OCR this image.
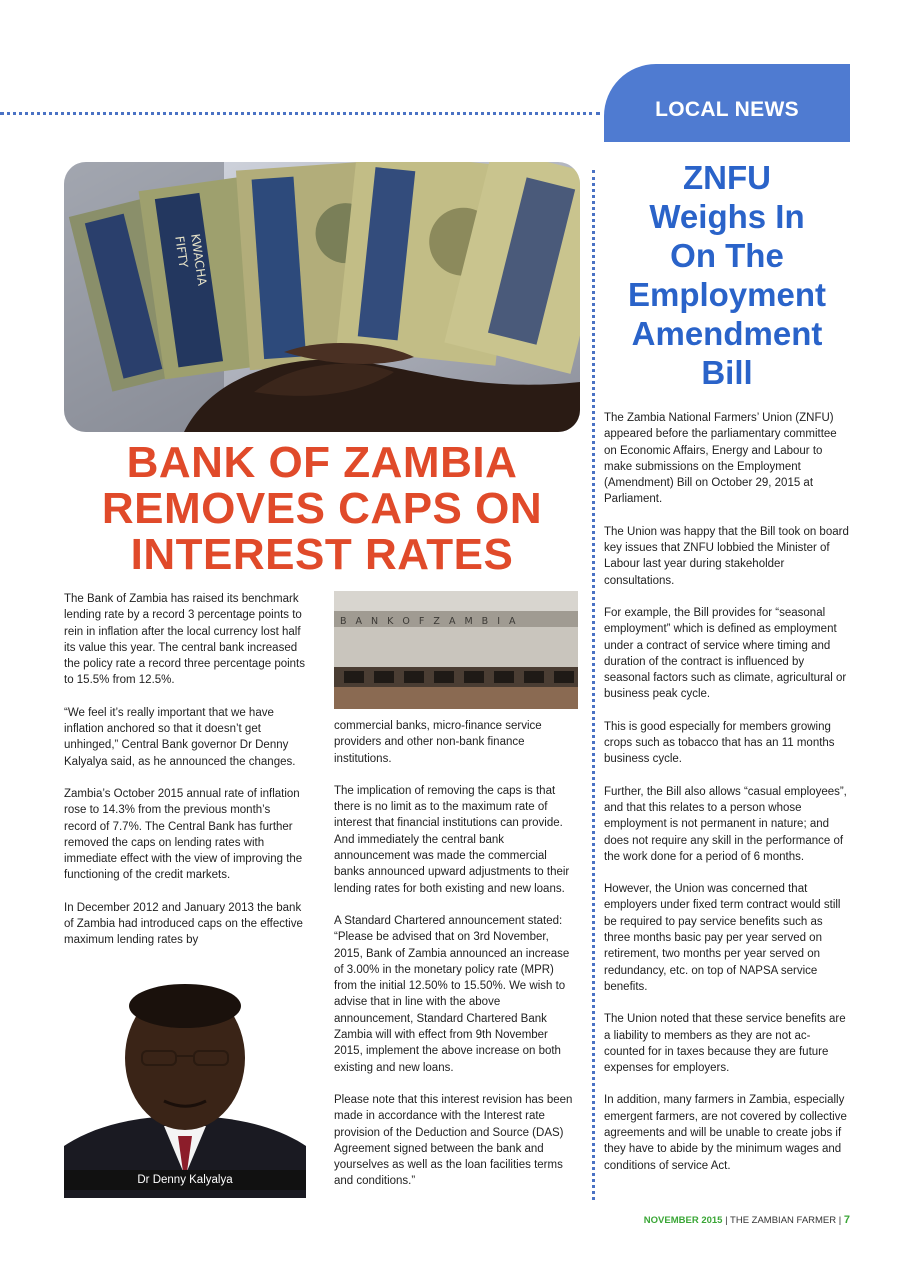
LOCAL NEWS
FIFTY
KWACHA
BANK OF ZAMBIA
REMOVES CAPS ON
INTEREST RATES

The Bank of Zambia has raised its benchmark lending rate by a record 3 percentage points to rein in inflation after the local currency lost half its value this year. The central bank increased the policy rate a record three percentage points to 15.5% from 12.5%.

“We feel it’s really important that we have inflation anchored so that it doesn’t get unhinged,” Central Bank governor Dr Denny Kalyalya said, as he announced the changes.

Zambia’s October 2015 annual rate of inflation rose to 14.3% from the previous month’s record of 7.7%. The Central Bank has further removed the caps on lending rates with immediate effect with the view of improving the functioning of the credit markets.

In December 2012 and January 2013 the bank of Zambia had introduced caps on the effective maximum lending rates by

B A N K O F Z A M B I A

commercial banks, micro-finance service providers and other non-bank finance institutions.

The implication of removing the caps is that there is no limit as to the maximum rate of interest that financial institutions can provide. And immediately the central bank announcement was made the commercial banks announced upward adjustments to their lending rates for both existing and new loans.

A Standard Chartered announcement stated: “Please be advised that on 3rd November, 2015, Bank of Zambia announced an increase of 3.00% in the monetary policy rate (MPR) from the initial 12.50% to 15.50%. We wish to advise that in line with the above announcement, Standard Chartered Bank Zambia will with effect from 9th November 2015, implement the above increase on both existing and new loans.

Please note that this interest revision has been made in accordance with the Interest rate provision of the Deduction and Source (DAS) Agreement signed between the bank and yourselves as well as the loan facilities terms and conditions.”

Dr Denny Kalyalya
ZNFU
Weighs In
On The
Employment
Amendment
Bill

The Zambia National Farmers’ Union (ZNFU) appeared before the parliamentary committee on Economic Affairs, Energy and Labour to make submissions on the Employment (Amendment) Bill on October 29, 2015 at Parliament.

The Union was happy that the Bill took on board key issues that ZNFU lobbied the Minister of Labour last year during stakeholder consultations.

For example, the Bill provides for “seasonal employment” which is defined as employment under a contract of service where timing and duration of the contract is influenced by seasonal factors such as climate, agricultural or business peak cycle.

This is good especially for members growing crops such as tobacco that has an 11 months business cycle.

Further, the Bill also allows “casual employees”, and that this relates to a person whose employment is not permanent in nature; and does not require any skill in the performance of the work done for a period of 6 months.

However, the Union was concerned that employers under fixed term contract would still be required to pay service benefits such as three months basic pay per year served on retirement, two months per year served on redundancy, etc. on top of NAPSA service benefits.

The Union noted that these service benefits are a liability to members as they are not ac-counted for in taxes because they are future expenses for employers.

In addition, many farmers in Zambia, especially emergent farmers, are not covered by collective agreements and will be unable to create jobs if they have to abide by the minimum wages and conditions of service Act.

NOVEMBER 2015 | THE ZAMBIAN FARMER | 7
